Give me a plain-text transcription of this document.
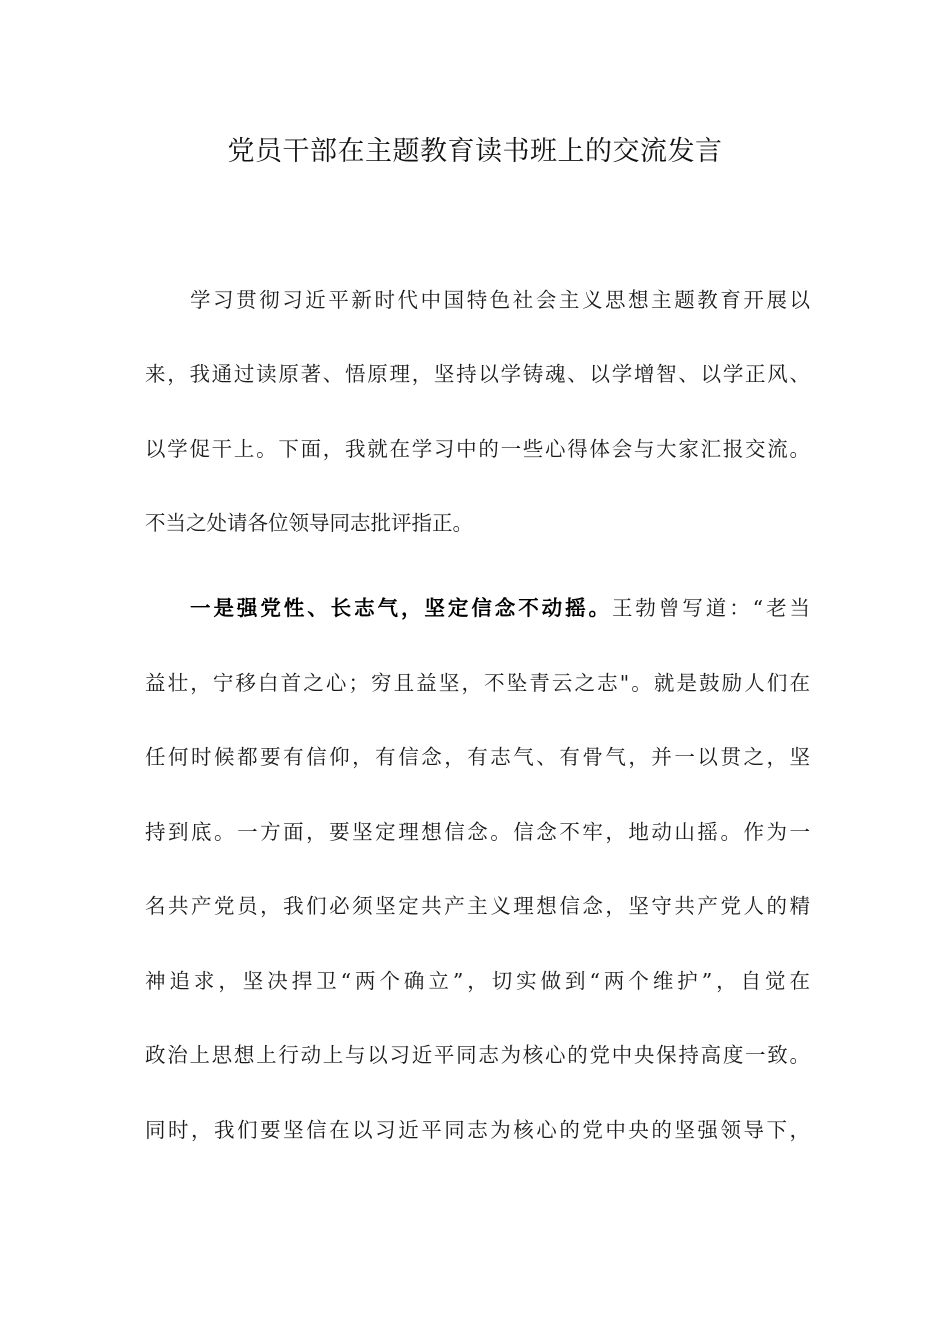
党员干部在主题教育读书班上的交流发言
学习贯彻习近平新时代中国特色社会主义思想主题教育开展以
来，我通过读原著、悟原理，坚持以学铸魂、以学增智、以学正风、
以学促干上。下面，我就在学习中的一些心得体会与大家汇报交流。
不当之处请各位领导同志批评指正。
一是强党性、长志气，坚定信念不动摇。王勃曾写道：“老当
益壮，宁移白首之心；穷且益坚，不坠青云之志"。就是鼓励人们在
任何时候都要有信仰，有信念，有志气、有骨气，并一以贯之，坚
持到底。一方面，要坚定理想信念。信念不牢，地动山摇。作为一
名共产党员，我们必须坚定共产主义理想信念，坚守共产党人的精
神追求，坚决捍卫“两个确立”，切实做到“两个维护”，自觉在
政治上思想上行动上与以习近平同志为核心的党中央保持高度一致。
同时，我们要坚信在以习近平同志为核心的党中央的坚强领导下，
